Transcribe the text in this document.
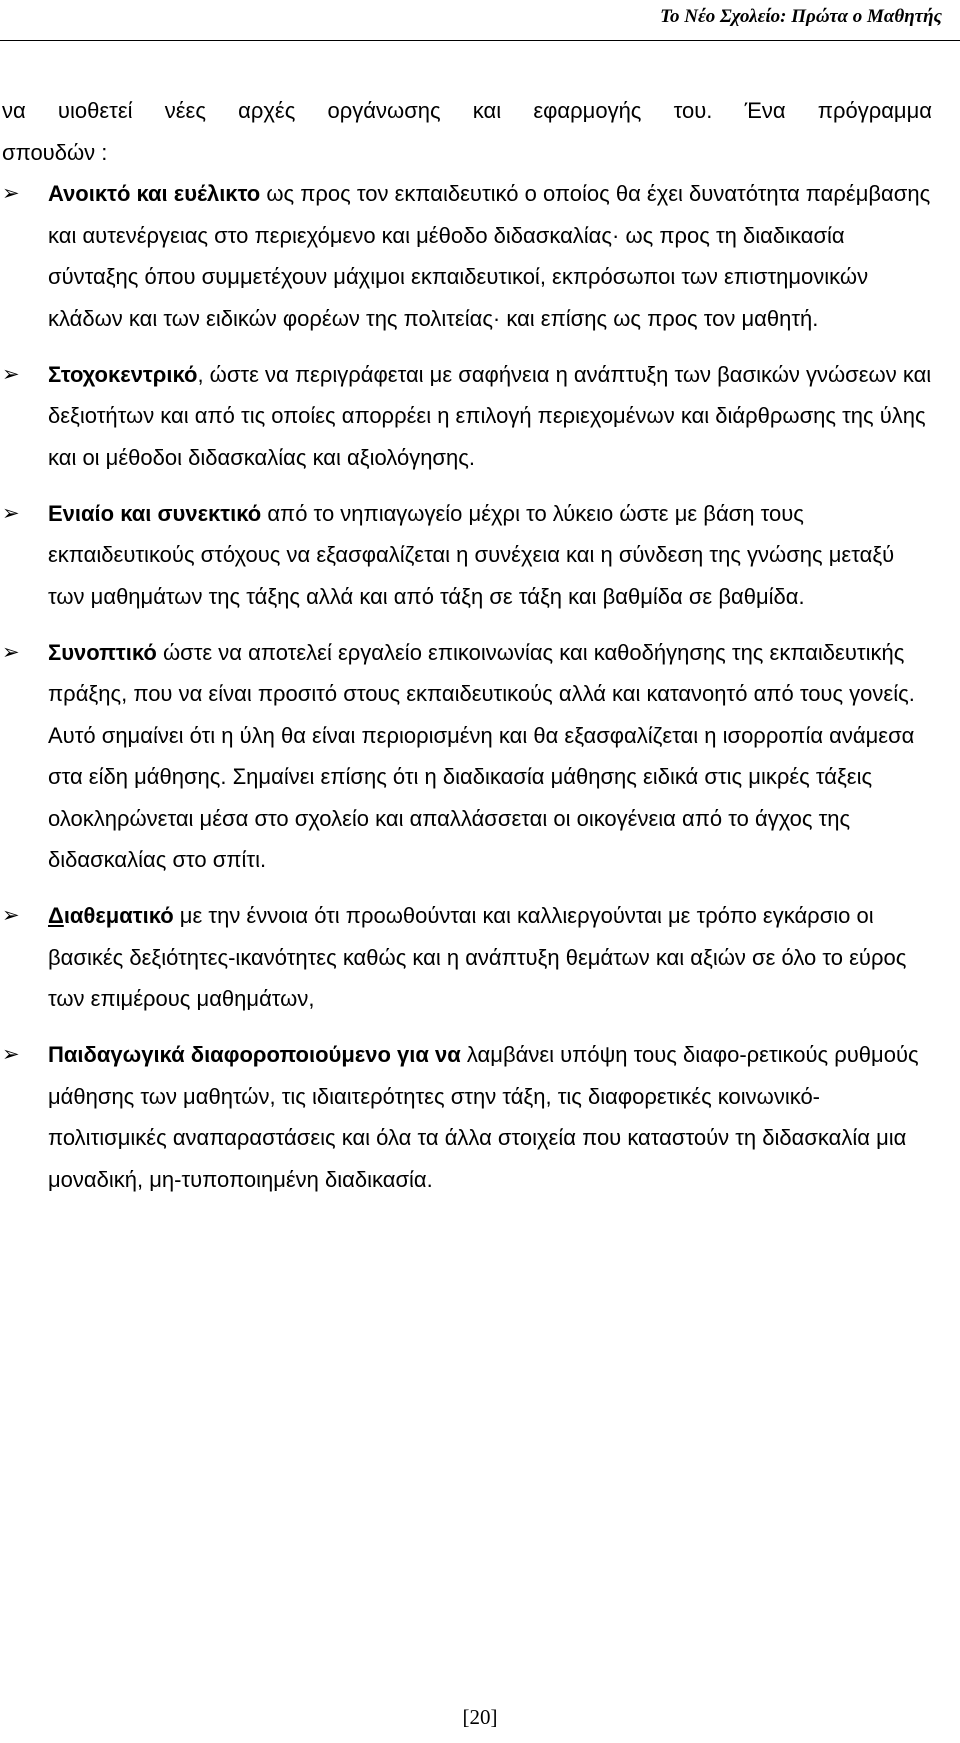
Το Νέο Σχολείο: Πρώτα ο Μαθητής

να υιοθετεί νέες αρχές οργάνωσης και εφαρμογής του. Ένα πρόγραμμα
σπουδών :

➢ Ανοικτό και ευέλικτο ως προς τον εκπαιδευτικό ο οποίος θα έχει δυνατότητα παρέμβασης και αυτενέργειας στο περιεχόμενο και μέθοδο διδασκαλίας· ως προς τη διαδικασία σύνταξης όπου συμμετέχουν μάχιμοι εκπαιδευτικοί, εκπρόσωποι των επιστημονικών κλάδων και των ειδικών φορέων της πολιτείας· και επίσης ως προς τον μαθητή.
➢ Στοχοκεντρικό, ώστε να περιγράφεται με σαφήνεια η ανάπτυξη των βασικών γνώσεων και δεξιοτήτων και από τις οποίες απορρέει η επιλογή περιεχομένων και διάρθρωσης της ύλης και οι μέθοδοι διδασκαλίας και αξιολόγησης.
➢ Ενιαίο και συνεκτικό από το νηπιαγωγείο μέχρι το λύκειο ώστε με βάση τους εκπαιδευτικούς στόχους να εξασφαλίζεται η συνέχεια και η σύνδεση της γνώσης μεταξύ των μαθημάτων της τάξης αλλά και από τάξη σε τάξη και βαθμίδα σε βαθμίδα.
➢ Συνοπτικό ώστε να αποτελεί εργαλείο επικοινωνίας και καθοδήγησης της εκπαιδευτικής πράξης, που να είναι προσιτό στους εκπαιδευτικούς αλλά και κατανοητό από τους γονείς. Αυτό σημαίνει ότι η ύλη θα είναι περιορισμένη και θα εξασφαλίζεται η ισορροπία ανάμεσα στα είδη μάθησης. Σημαίνει επίσης ότι η διαδικασία μάθησης ειδικά στις μικρές τάξεις ολοκληρώνεται μέσα στο σχολείο και απαλλάσσεται οι οικογένεια από το άγχος της διδασκαλίας στο σπίτι.
➢ Διαθεματικό με την έννοια ότι προωθούνται και καλλιεργούνται με τρόπο εγκάρσιο οι βασικές δεξιότητες-ικανότητες καθώς και η ανάπτυξη θεμάτων και αξιών σε όλο το εύρος των επιμέρους μαθημάτων,
➢ Παιδαγωγικά διαφοροποιούμενο για να λαμβάνει υπόψη τους διαφο-ρετικούς ρυθμούς μάθησης των μαθητών, τις ιδιαιτερότητες στην τάξη, τις διαφορετικές κοινωνικό-πολιτισμικές αναπαραστάσεις και όλα τα άλλα στοιχεία που καταστούν τη διδασκαλία μια μοναδική, μη-τυποποιημένη διαδικασία.
[20]
